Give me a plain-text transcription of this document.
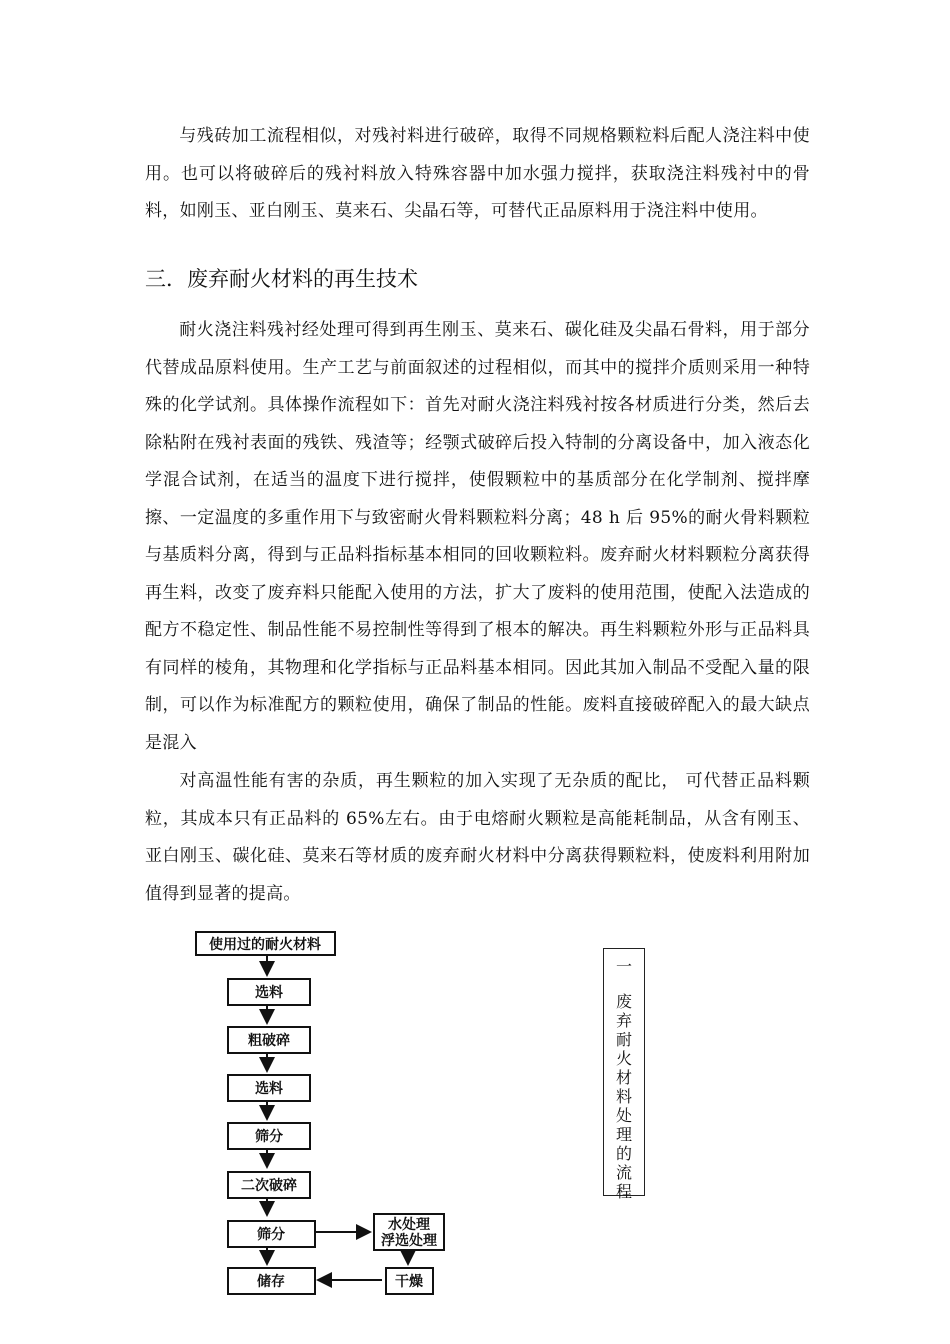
与残砖加工流程相似，对残衬料进行破碎，取得不同规格颗粒料后配人浇注料中使用。也可以将破碎后的残衬料放入特殊容器中加水强力搅拌，获取浇注料残衬中的骨料，如刚玉、亚白刚玉、莫来石、尖晶石等，可替代正品原料用于浇注料中使用。

三．废弃耐火材料的再生技术

耐火浇注料残衬经处理可得到再生刚玉、莫来石、碳化硅及尖晶石骨料，用于部分代替成品原料使用。生产工艺与前面叙述的过程相似，而其中的搅拌介质则采用一种特殊的化学试剂。具体操作流程如下：首先对耐火浇注料残衬按各材质进行分类，然后去除粘附在残衬表面的残铁、残渣等；经颚式破碎后投入特制的分离设备中，加入液态化学混合试剂，在适当的温度下进行搅拌，使假颗粒中的基质部分在化学制剂、搅拌摩擦、一定温度的多重作用下与致密耐火骨料颗粒料分离；48 h 后 95%的耐火骨料颗粒与基质料分离，得到与正品料指标基本相同的回收颗粒料。废弃耐火材料颗粒分离获得再生料，改变了废弃料只能配入使用的方法，扩大了废料的使用范围，使配入法造成的配方不稳定性、制品性能不易控制性等得到了根本的解决。再生料颗粒外形与正品料具有同样的棱角，其物理和化学指标与正品料基本相同。因此其加入制品不受配入量的限制，可以作为标准配方的颗粒使用，确保了制品的性能。废料直接破碎配入的最大缺点是混入

对高温性能有害的杂质，再生颗粒的加入实现了无杂质的配比， 可代替正品料颗粒，其成本只有正品料的 65%左右。由于电熔耐火颗粒是高能耗制品，从含有刚玉、亚白刚玉、碳化硅、莫来石等材质的废弃耐火材料中分离获得颗粒料，使废料利用附加值得到显著的提高。

使用过的耐火材料
选料
粗破碎
选料
筛分
二次破碎
筛分
储存
水处理
浮选处理
干燥
一
废弃耐火材料处理的流程
